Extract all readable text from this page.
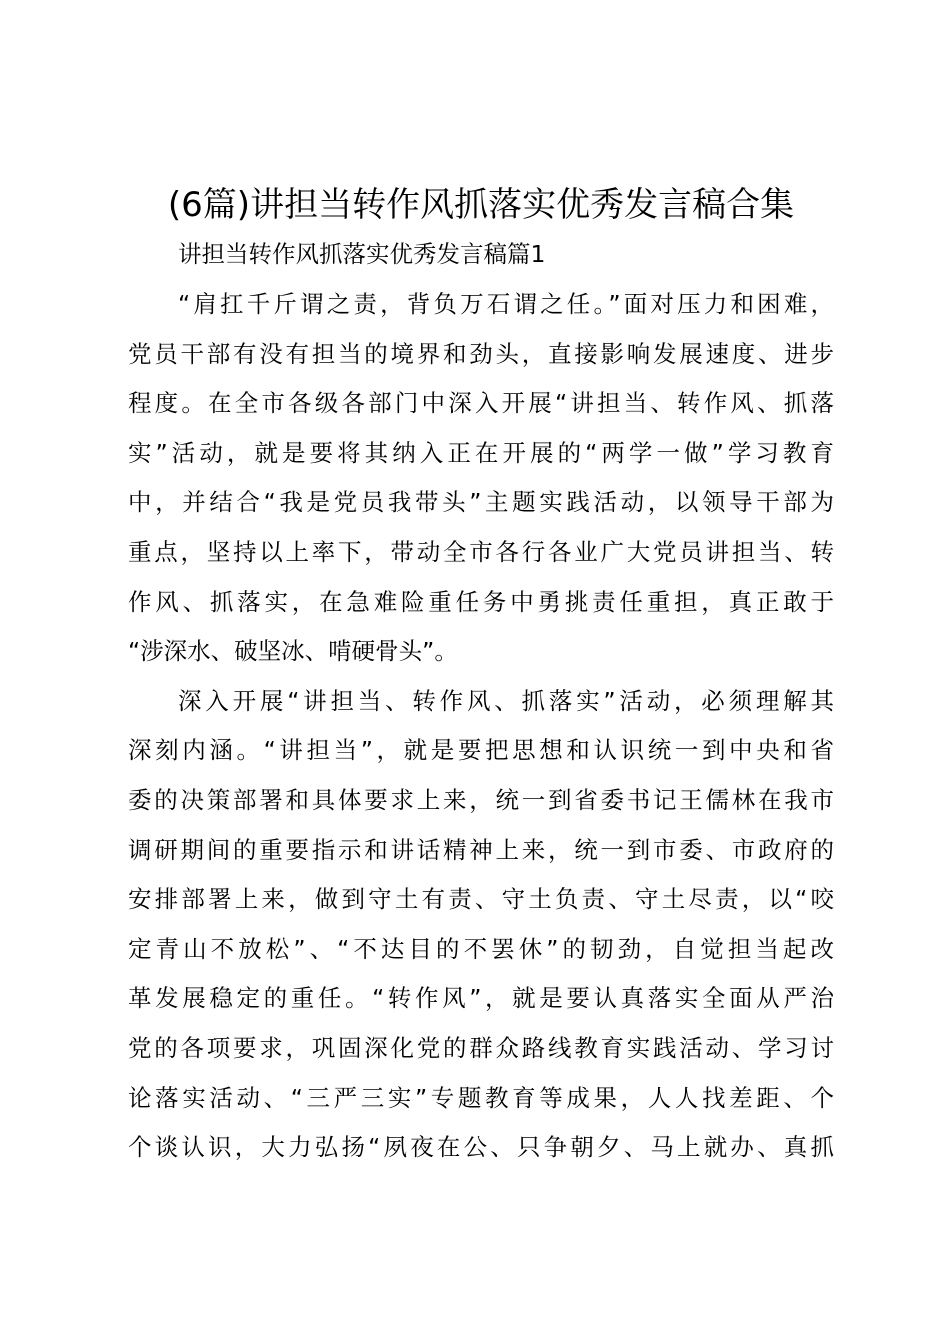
(6篇)讲担当转作风抓落实优秀发言稿合集

讲担当转作风抓落实优秀发言稿篇1

“肩扛千斤谓之责，背负万石谓之任。”面对压力和困难，
党员干部有没有担当的境界和劲头，直接影响发展速度、进步
程度。在全市各级各部门中深入开展“讲担当、转作风、抓落
实”活动，就是要将其纳入正在开展的“两学一做”学习教育
中，并结合“我是党员我带头”主题实践活动，以领导干部为
重点，坚持以上率下，带动全市各行各业广大党员讲担当、转
作风、抓落实，在急难险重任务中勇挑责任重担，真正敢于
“涉深水、破坚冰、啃硬骨头”。

深入开展“讲担当、转作风、抓落实”活动，必须理解其
深刻内涵。“讲担当”，就是要把思想和认识统一到中央和省
委的决策部署和具体要求上来，统一到省委书记王儒林在我市
调研期间的重要指示和讲话精神上来，统一到市委、市政府的
安排部署上来，做到守土有责、守土负责、守土尽责，以“咬
定青山不放松”、“不达目的不罢休”的韧劲，自觉担当起改
革发展稳定的重任。“转作风”，就是要认真落实全面从严治
党的各项要求，巩固深化党的群众路线教育实践活动、学习讨
论落实活动、“三严三实”专题教育等成果，人人找差距、个
个谈认识，大力弘扬“夙夜在公、只争朝夕、马上就办、真抓
